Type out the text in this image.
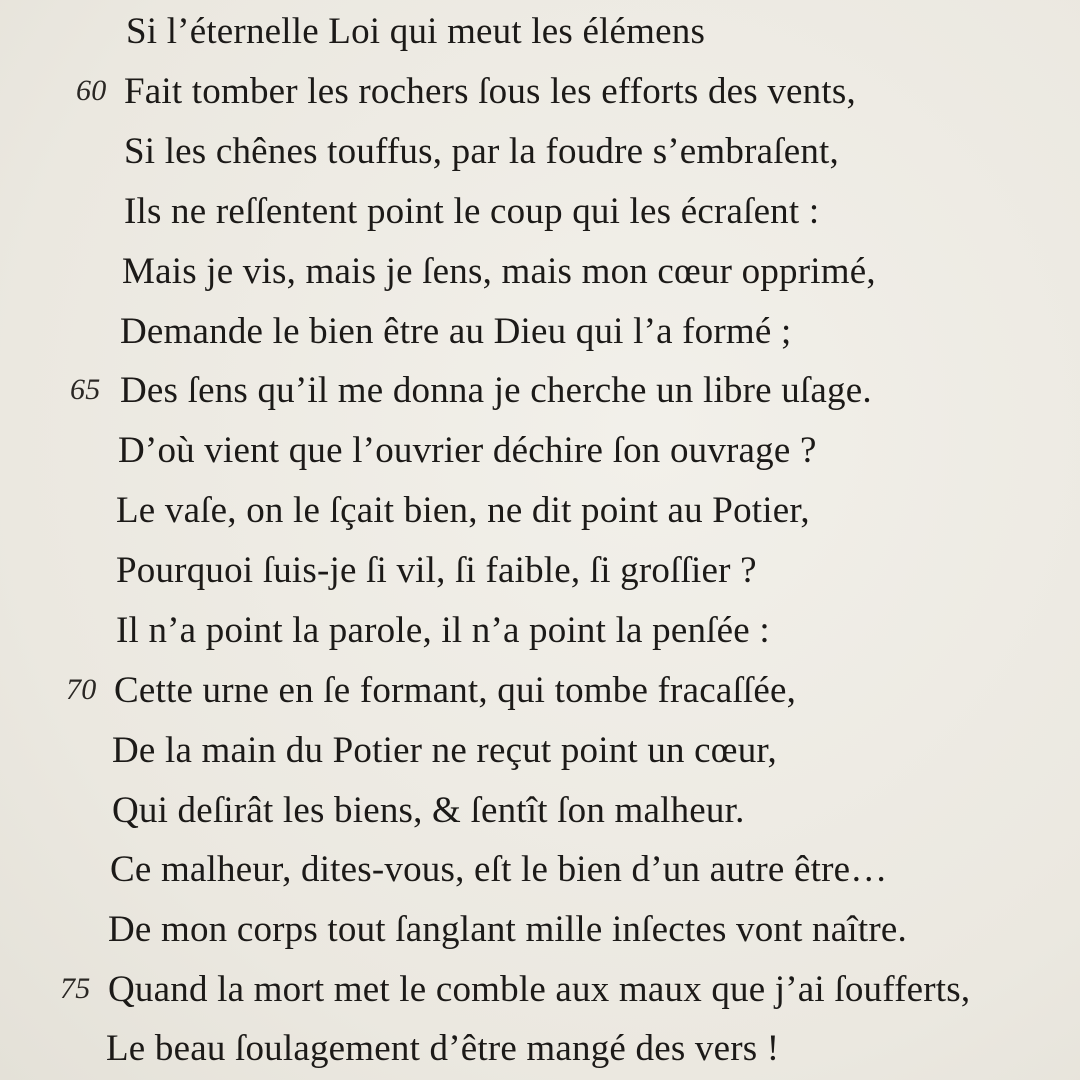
Si l’éternelle Loi qui meut les élémens
60 Fait tomber les rochers ſous les efforts des vents,
Si les chênes touffus, par la foudre s’embraſent,
Ils ne reſſentent point le coup qui les écraſent :
Mais je vis, mais je ſens, mais mon cœur opprimé,
Demande le bien être au Dieu qui l’a formé ;
65 Des ſens qu’il me donna je cherche un libre uſage.
D’où vient que l’ouvrier déchire ſon ouvrage ?
Le vaſe, on le ſçait bien, ne dit point au Potier,
Pourquoi ſuis-je ſi vil, ſi faible, ſi groſſier ?
Il n’a point la parole, il n’a point la penſée :
70 Cette urne en ſe formant, qui tombe fracaſſée,
De la main du Potier ne reçut point un cœur,
Qui deſirât les biens, & ſentît ſon malheur.
Ce malheur, dites-vous, eſt le bien d’un autre être…
De mon corps tout ſanglant mille inſectes vont naître.
75 Quand la mort met le comble aux maux que j’ai ſoufferts,
Le beau ſoulagement d’être mangé des vers !
